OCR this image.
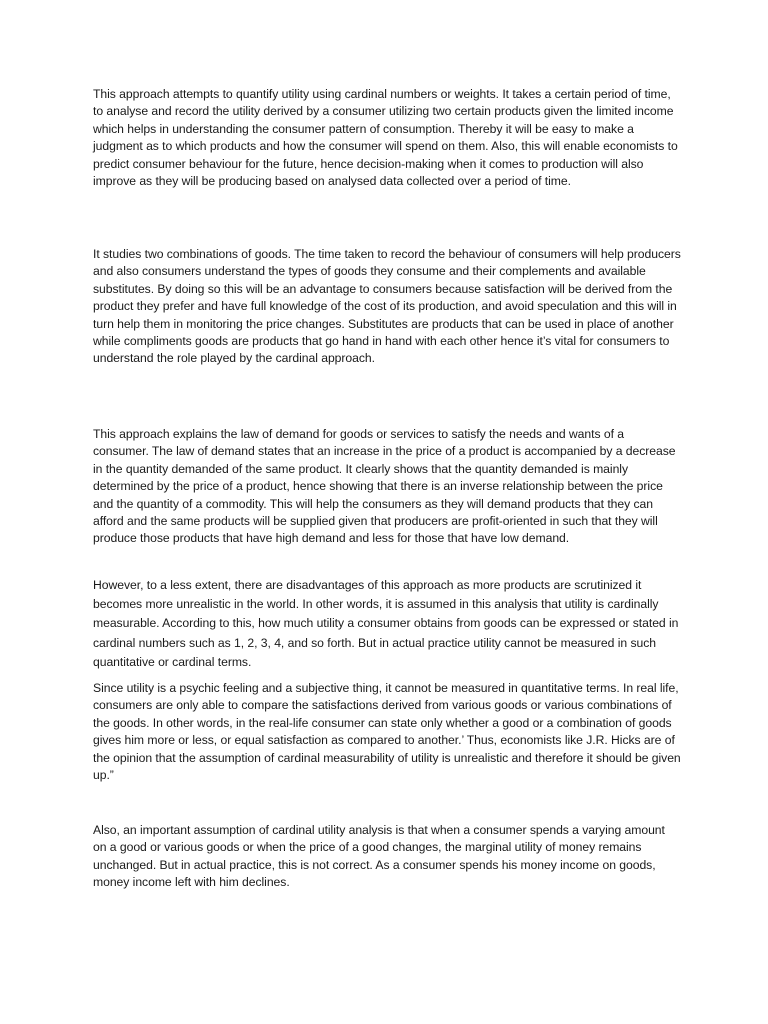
This approach attempts to quantify utility using cardinal numbers or weights. It takes a certain period of time, to analyse and record the utility derived by a consumer utilizing two certain products given the limited income which helps in understanding the consumer pattern of consumption. Thereby it will be easy to make a judgment as to which products and how the consumer will spend on them. Also, this will enable economists to predict consumer behaviour for the future, hence decision-making when it comes to production will also improve as they will be producing based on analysed data collected over a period of time.

It studies two combinations of goods. The time taken to record the behaviour of consumers will help producers and also consumers understand the types of goods they consume and their complements and available substitutes. By doing so this will be an advantage to consumers because satisfaction will be derived from the product they prefer and have full knowledge of the cost of its production, and avoid speculation and this will in turn help them in monitoring the price changes. Substitutes are products that can be used in place of another while compliments goods are products that go hand in hand with each other hence it’s vital for consumers to understand the role played by the cardinal approach.

This approach explains the law of demand for goods or services to satisfy the needs and wants of a consumer. The law of demand states that an increase in the price of a product is accompanied by a decrease in the quantity demanded of the same product. It clearly shows that the quantity demanded is mainly determined by the price of a product, hence showing that there is an inverse relationship between the price and the quantity of a commodity. This will help the consumers as they will demand products that they can afford and the same products will be supplied given that producers are profit-oriented in such that they will produce those products that have high demand and less for those that have low demand.

However, to a less extent, there are disadvantages of this approach as more products are scrutinized it becomes more unrealistic in the world. In other words, it is assumed in this analysis that utility is cardinally measurable. According to this, how much utility a consumer obtains from goods can be expressed or stated in cardinal numbers such as 1, 2, 3, 4, and so forth. But in actual practice utility cannot be measured in such quantitative or cardinal terms.

Since utility is a psychic feeling and a subjective thing, it cannot be measured in quantitative terms. In real life, consumers are only able to compare the satisfactions derived from various goods or various combinations of the goods. In other words, in the real-life consumer can state only whether a good or a combination of goods gives him more or less, or equal satisfaction as compared to another.’ Thus, economists like J.R. Hicks are of the opinion that the assumption of cardinal measurability of utility is unrealistic and therefore it should be given up.”

Also, an important assumption of cardinal utility analysis is that when a consumer spends a varying amount on a good or various goods or when the price of a good changes, the marginal utility of money remains unchanged. But in actual practice, this is not correct. As a consumer spends his money income on goods, money income left with him declines.
